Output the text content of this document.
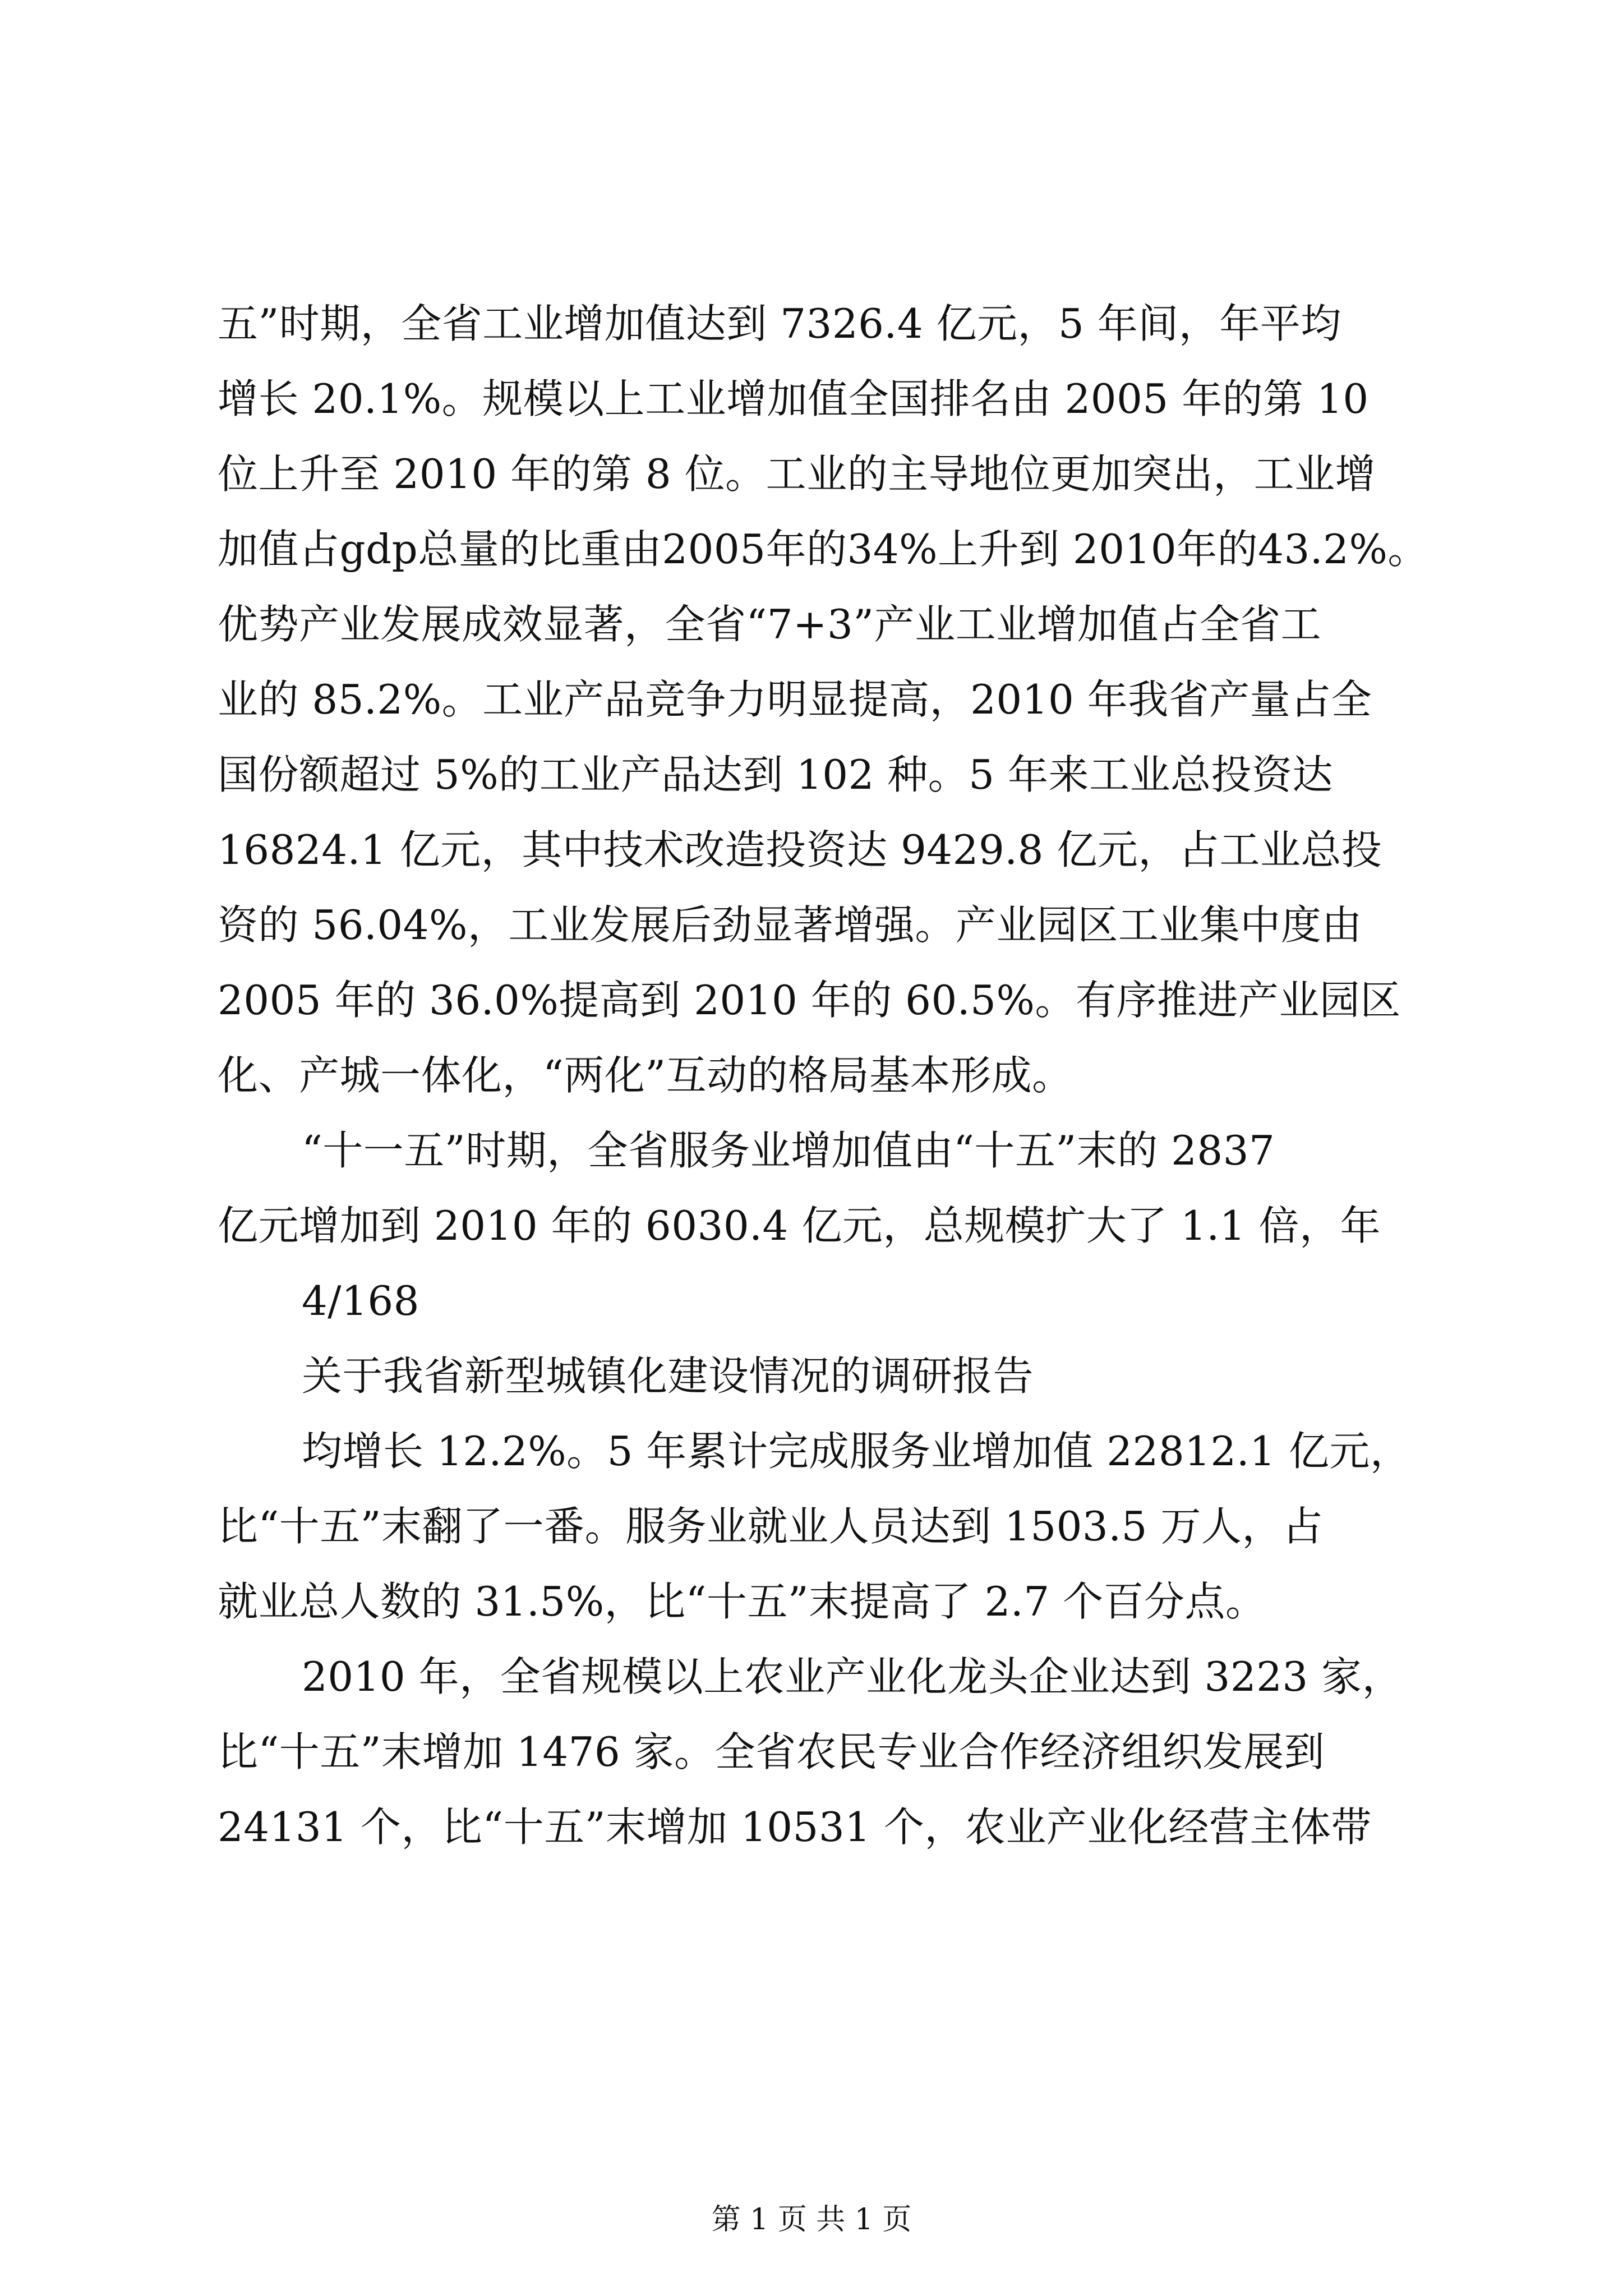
五”时期，全省工业增加值达到 7326.4 亿元，5 年间，年平均
增长 20.1%。规模以上工业增加值全国排名由 2005 年的第 10
位上升至 2010 年的第 8 位。工业的主导地位更加突出，工业增
加值占gdp总量的比重由2005年的34%上升到 2010年的43.2%。
优势产业发展成效显著，全省“7+3”产业工业增加值占全省工
业的 85.2%。工业产品竞争力明显提高，2010 年我省产量占全
国份额超过 5%的工业产品达到 102 种。5 年来工业总投资达
16824.1 亿元，其中技术改造投资达 9429.8 亿元，占工业总投
资的 56.04%，工业发展后劲显著增强。产业园区工业集中度由
2005 年的 36.0%提高到 2010 年的 60.5%。有序推进产业园区
化、产城一体化，“两化”互动的格局基本形成。
“十一五”时期，全省服务业增加值由“十五”末的 2837
亿元增加到 2010 年的 6030.4 亿元，总规模扩大了 1.1 倍，年
4/168
关于我省新型城镇化建设情况的调研报告
均增长 12.2%。5 年累计完成服务业增加值 22812.1 亿元，
比“十五”末翻了一番。服务业就业人员达到 1503.5 万人，占
就业总人数的 31.5%，比“十五”末提高了 2.7 个百分点。
2010 年，全省规模以上农业产业化龙头企业达到 3223 家，
比“十五”末增加 1476 家。全省农民专业合作经济组织发展到
24131 个，比“十五”末增加 10531 个，农业产业化经营主体带
第 1 页 共 1 页
